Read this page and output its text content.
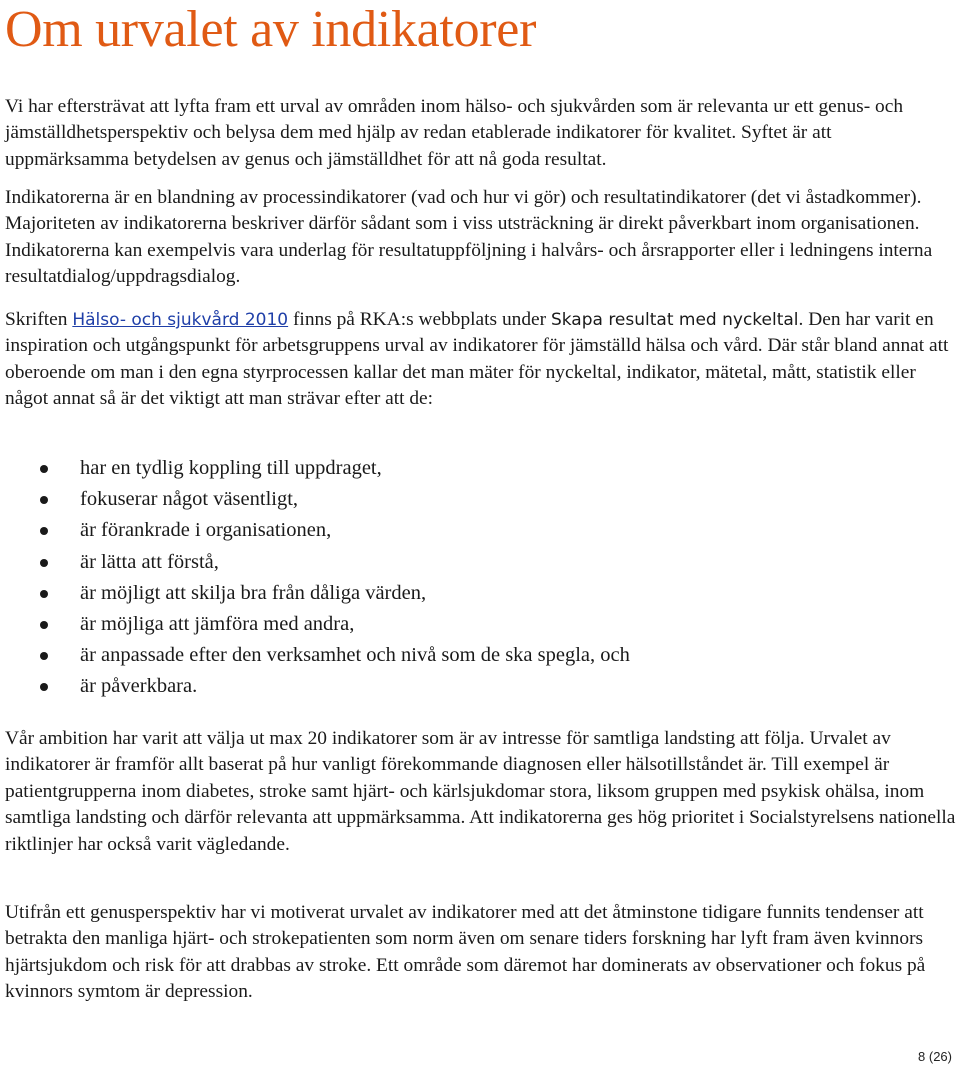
Om urvalet av indikatorer

Vi har eftersträvat att lyfta fram ett urval av områden inom hälso- och sjukvården som är relevanta ur ett genus- och jämställdhetsperspektiv och belysa dem med hjälp av redan etablerade indikatorer för kvalitet. Syftet är att uppmärksamma betydelsen av genus och jämställdhet för att nå goda resultat.

Indikatorerna är en blandning av processindikatorer (vad och hur vi gör) och resultatindikatorer (det vi åstadkommer). Majoriteten av indikatorerna beskriver därför sådant som i viss utsträckning är direkt påverkbart inom organisationen. Indikatorerna kan exempelvis vara underlag för resultatuppföljning i halvårs- och årsrapporter eller i ledningens interna resultatdialog/uppdragsdialog.

Skriften Hälso- och sjukvård 2010 finns på RKA:s webbplats under Skapa resultat med nyckeltal. Den har varit en inspiration och utgångspunkt för arbetsgruppens urval av indikatorer för jämställd hälsa och vård. Där står bland annat att oberoende om man i den egna styrprocessen kallar det man mäter för nyckeltal, indikator, mätetal, mått, statistik eller något annat så är det viktigt att man strävar efter att de:

har en tydlig koppling till uppdraget,
fokuserar något väsentligt,
är förankrade i organisationen,
är lätta att förstå,
är möjligt att skilja bra från dåliga värden,
är möjliga att jämföra med andra,
är anpassade efter den verksamhet och nivå som de ska spegla, och
är påverkbara.

Vår ambition har varit att välja ut max 20 indikatorer som är av intresse för samtliga landsting att följa. Urvalet av indikatorer är framför allt baserat på hur vanligt förekommande diagnosen eller hälsotillståndet är. Till exempel är patientgrupperna inom diabetes, stroke samt hjärt- och kärlsjukdomar stora, liksom gruppen med psykisk ohälsa, inom samtliga landsting och därför relevanta att uppmärksamma. Att indikatorerna ges hög prioritet i Socialstyrelsens nationella riktlinjer har också varit vägledande.

Utifrån ett genusperspektiv har vi motiverat urvalet av indikatorer med att det åtminstone tidigare funnits tendenser att betrakta den manliga hjärt- och strokepatienten som norm även om senare tiders forskning har lyft fram även kvinnors hjärtsjukdom och risk för att drabbas av stroke. Ett område som däremot har dominerats av observationer och fokus på kvinnors symtom är depression.

8 (26)
